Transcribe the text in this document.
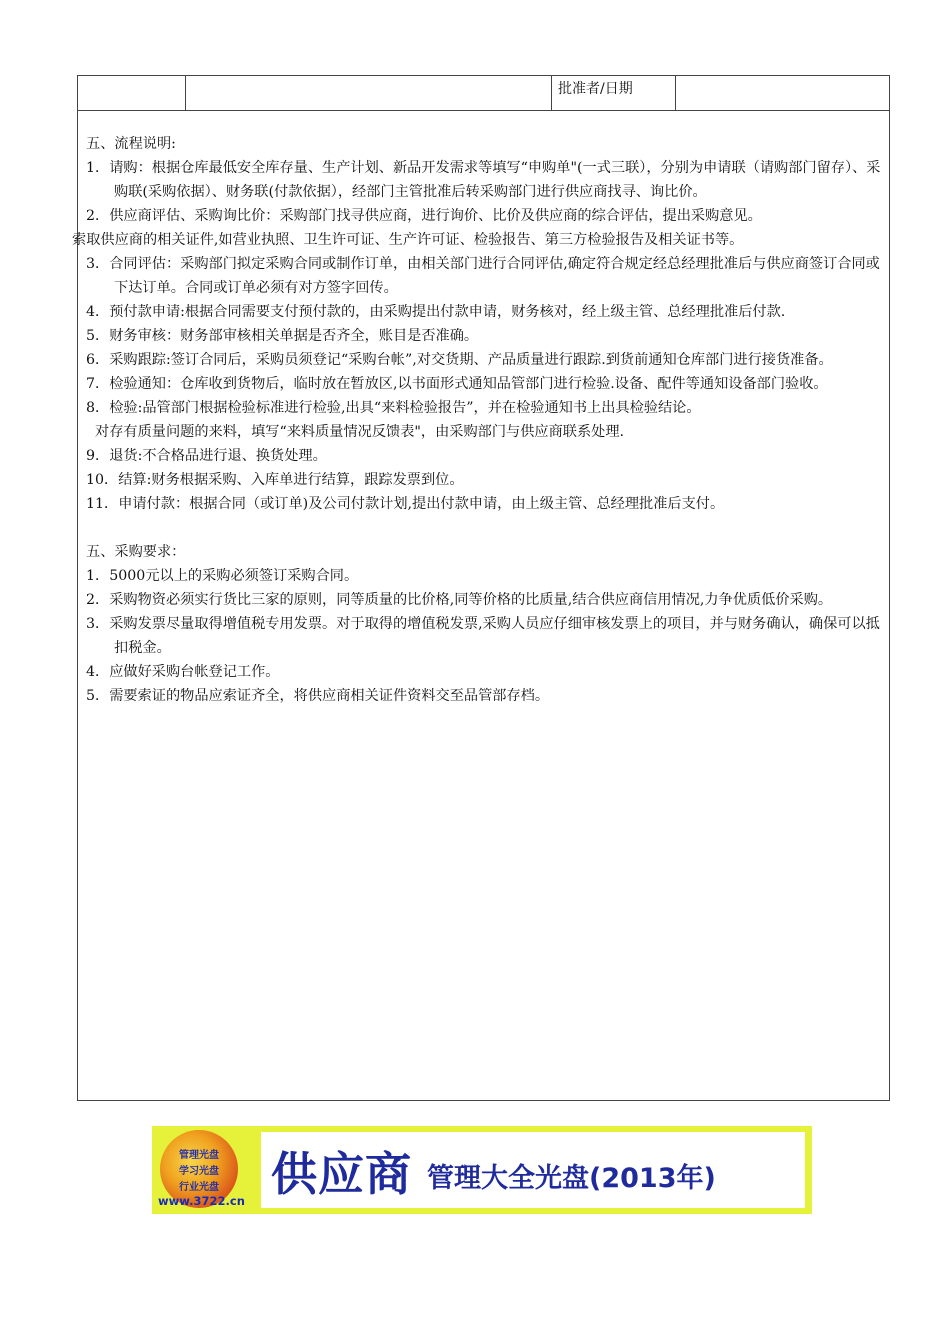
批准者/日期
五、流程说明:
1．请购：根据仓库最低安全库存量、生产计划、新品开发需求等填写“申购单"(一式三联），分别为申请联（请购部门留存）、采购联(采购依据）、财务联(付款依据），经部门主管批准后转采购部门进行供应商找寻、询比价。
2．供应商评估、采购询比价：采购部门找寻供应商，进行询价、比价及供应商的综合评估，提出采购意见。
索取供应商的相关证件,如营业执照、卫生许可证、生产许可证、检验报告、第三方检验报告及相关证书等。
3．合同评估：采购部门拟定采购合同或制作订单，由相关部门进行合同评估,确定符合规定经总经理批准后与供应商签订合同或下达订单。合同或订单必须有对方签字回传。
4．预付款申请:根据合同需要支付预付款的，由采购提出付款申请，财务核对，经上级主管、总经理批准后付款.
5．财务审核：财务部审核相关单据是否齐全，账目是否准确。
6．采购跟踪:签订合同后，采购员须登记“采购台帐”,对交货期、产品质量进行跟踪.到货前通知仓库部门进行接货准备。
7．检验通知：仓库收到货物后，临时放在暂放区,以书面形式通知品管部门进行检验.设备、配件等通知设备部门验收。
8．检验:品管部门根据检验标准进行检验,出具“来料检验报告”，并在检验通知书上出具检验结论。
对存有质量问题的来料，填写“来料质量情况反馈表"，由采购部门与供应商联系处理.
9．退货:不合格品进行退、换货处理。
10．结算:财务根据采购、入库单进行结算，跟踪发票到位。
11．申请付款：根据合同（或订单)及公司付款计划,提出付款申请，由上级主管、总经理批准后支付。
五、采购要求：
1．5000元以上的采购必须签订采购合同。
2．采购物资必须实行货比三家的原则，同等质量的比价格,同等价格的比质量,结合供应商信用情况,力争优质低价采购。
3．采购发票尽量取得增值税专用发票。对于取得的增值税发票,采购人员应仔细审核发票上的项目，并与财务确认，确保可以抵扣税金。
4．应做好采购台帐登记工作。
5．需要索证的物品应索证齐全，将供应商相关证件资料交至品管部存档。
管理光盘
学习光盘
行业光盘
www.3722.cn 供应商 管理大全光盘(2013年)
